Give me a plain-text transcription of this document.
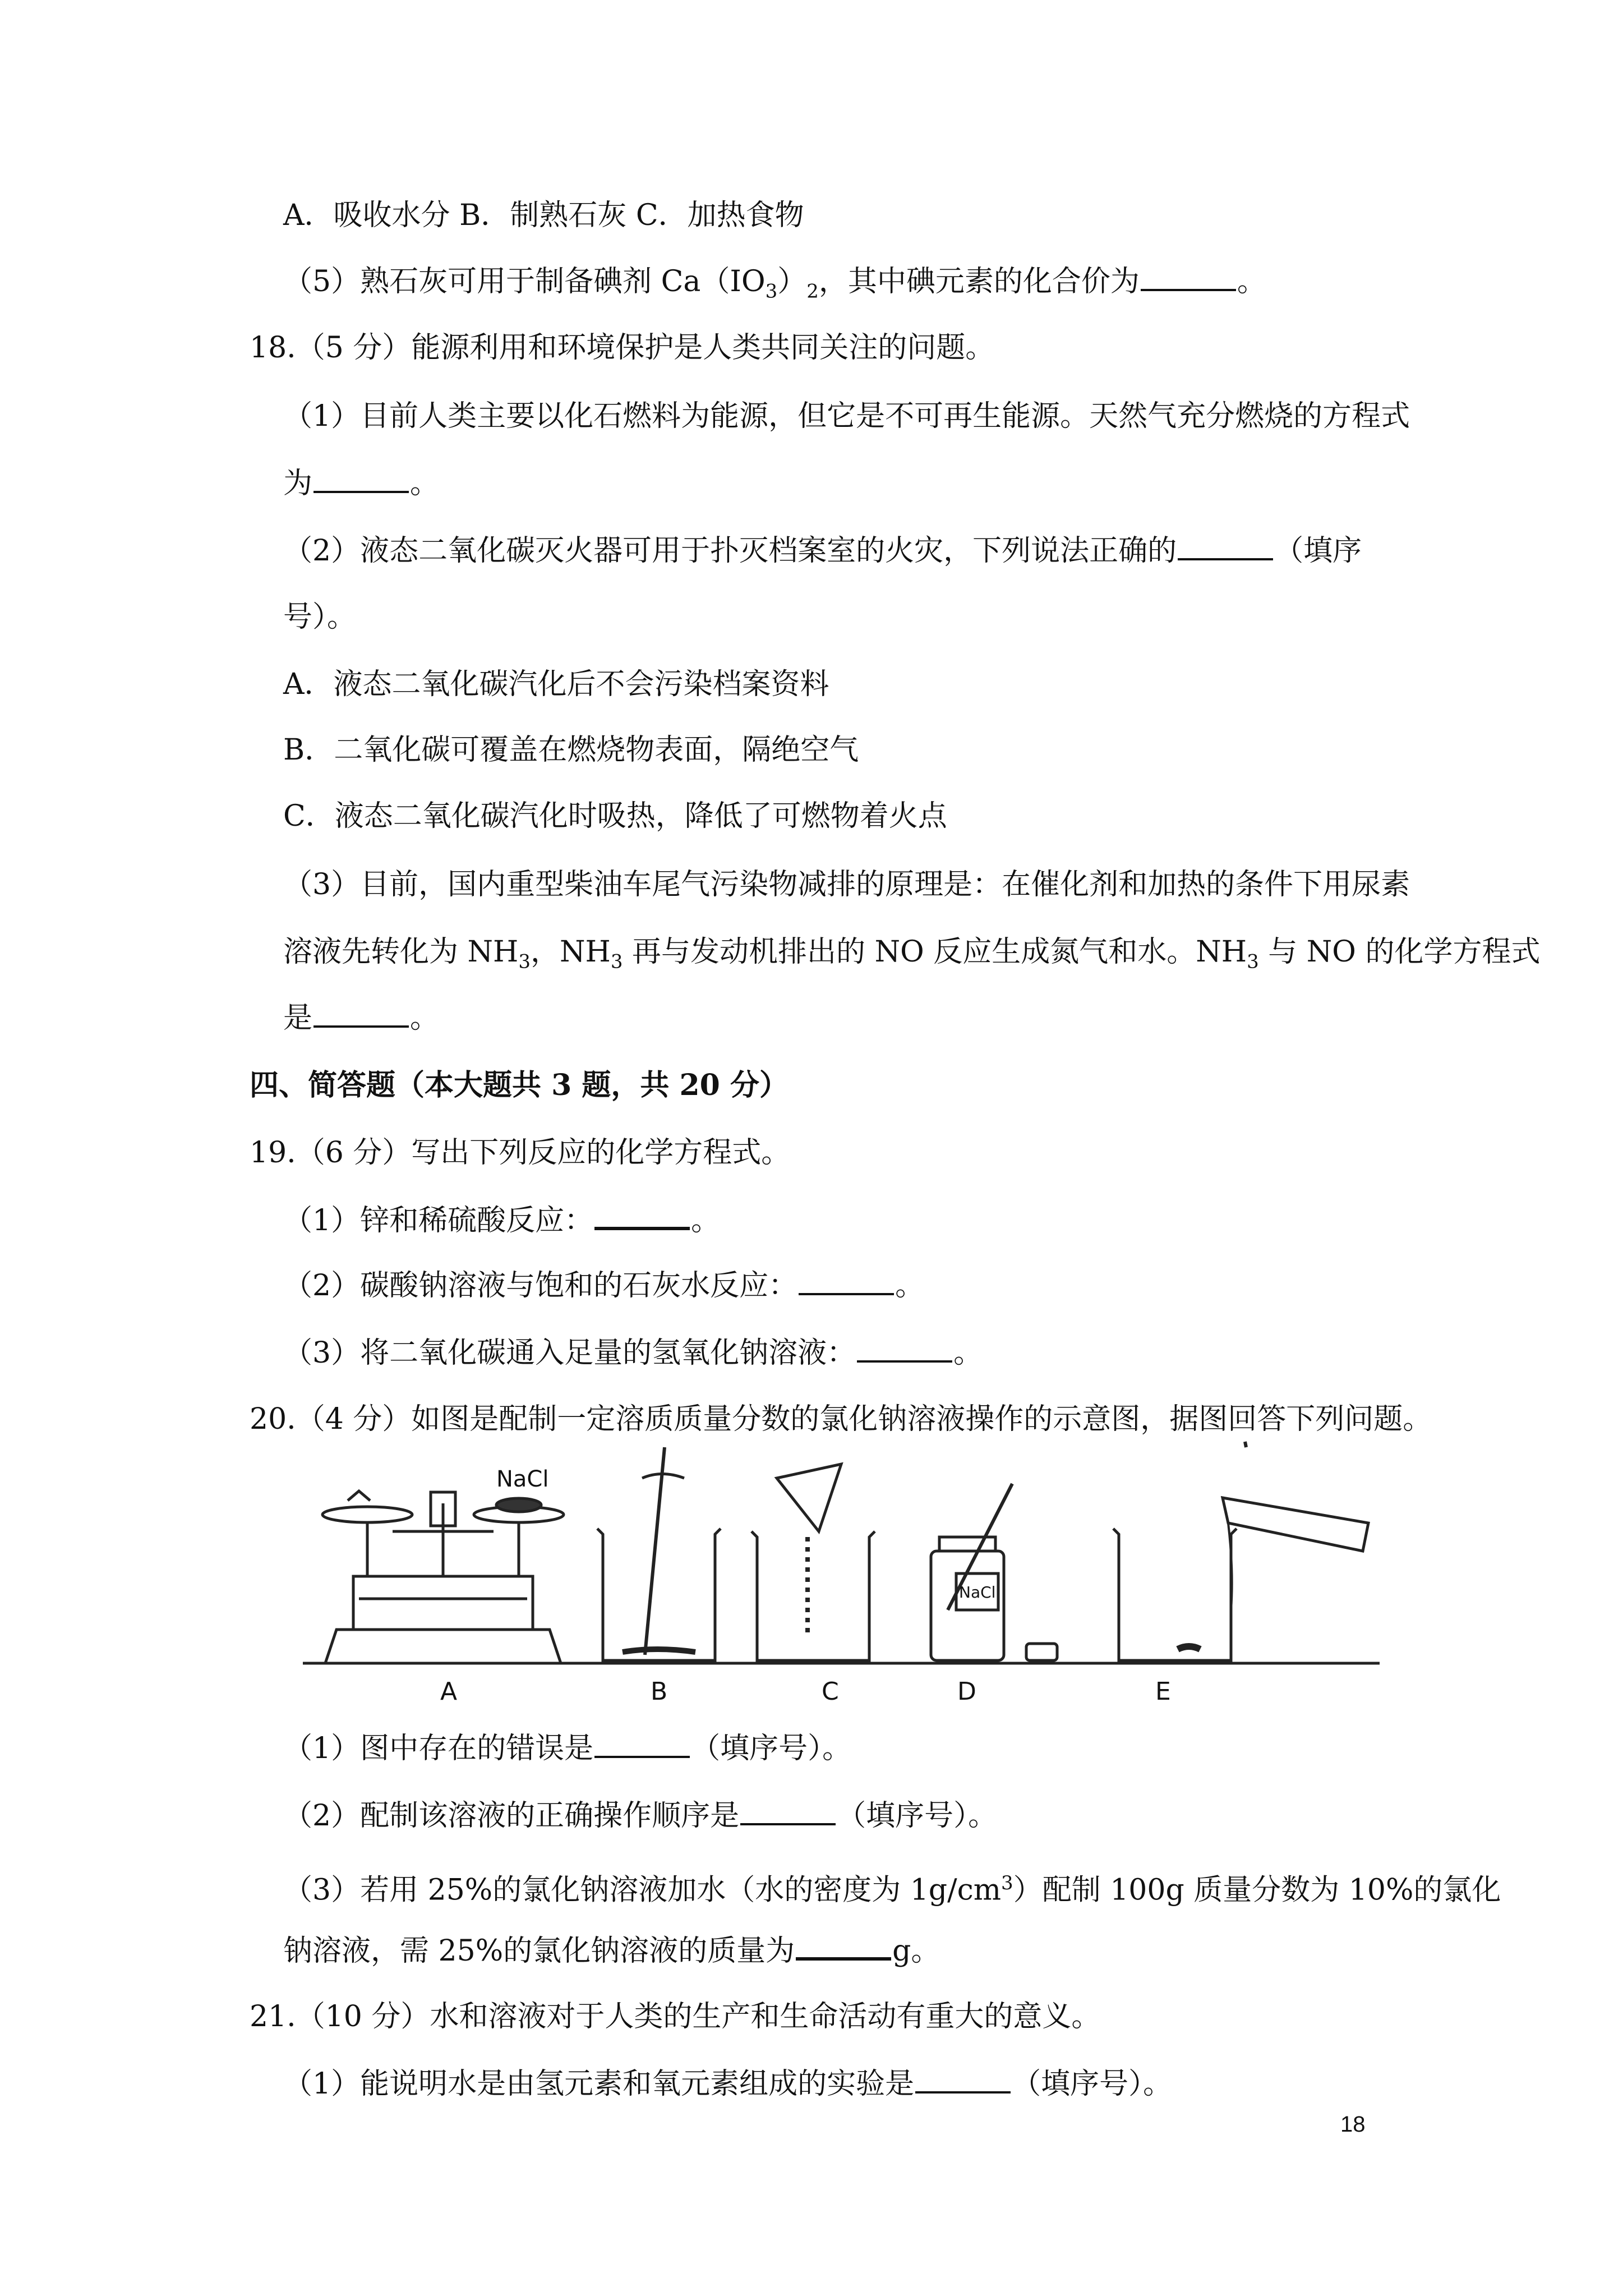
A．吸收水分 B．制熟石灰 C．加热食物
（5）熟石灰可用于制备碘剂 $Ca(IO_3)_2$，其中碘元素的化合价为	。
18.（5 分）能源利用和环境保护是人类共同关注的问题。
（1）目前人类主要以化石燃料为能源，但它是不可再生能源。天然气充分燃烧的方程式
为	。
（2）液态二氧化碳灭火器可用于扑灭档案室的火灾，下列说法正确的	（填序
号）。
A．液态二氧化碳汽化后不会污染档案资料
B．二氧化碳可覆盖在燃烧物表面，隔绝空气
C．液态二氧化碳汽化时吸热，降低了可燃物着火点
（3）目前，国内重型柴油车尾气污染物减排的原理是：在催化剂和加热的条件下用尿素
溶液先转化为 $NH_3$，$NH_3$ 再与发动机排出的 NO 反应生成氮气和水。$NH_3$ 与 NO 的化学方程式
是	。
四、简答题（本大题共 3 题，共 20 分）
19.（6 分）写出下列反应的化学方程式。
（1）锌和稀硫酸反应：	。
（2）碳酸钠溶液与饱和的石灰水反应：	。
（3）将二氧化碳通入足量的氢氧化钠溶液：	。
20.（4 分）如图是配制一定溶质质量分数的氯化钠溶液操作的示意图，据图回答下列问题。
NaCl
NaCl
A	B	C	D	E
（1）图中存在的错误是	（填序号）。
（2）配制该溶液的正确操作顺序是	（填序号）。
（3）若用 25%的氯化钠溶液加水（水的密度为 $1g/cm^3$）配制 100g 质量分数为 10%的氯化
钠溶液，需 25%的氯化钠溶液的质量为	g。
21.（10 分）水和溶液对于人类的生产和生命活动有重大的意义。
（1）能说明水是由氢元素和氧元素组成的实验是	（填序号）。
18
